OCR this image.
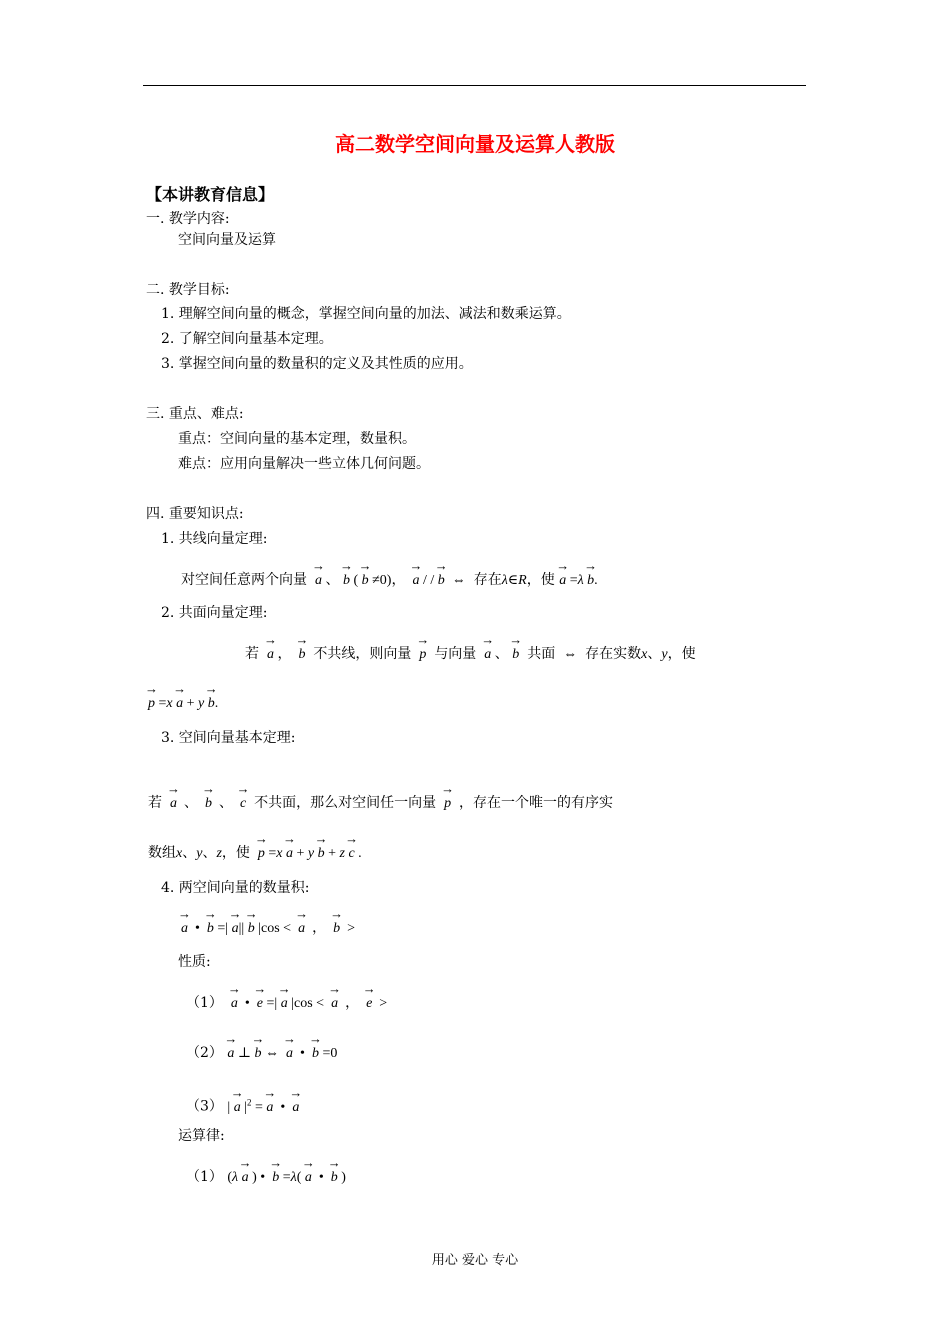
高二数学空间向量及运算人教版
【本讲教育信息】
一. 教学内容:
空间向量及运算
二. 教学目标:
1. 理解空间向量的概念，掌握空间向量的加法、减法和数乘运算。
2. 了解空间向量基本定理。
3. 掌握空间向量的数量积的定义及其性质的应用。
三. 重点、难点:
重点：空间向量的基本定理，数量积。
难点：应用向量解决一些立体几何问题。
四. 重要知识点:
1. 共线向量定理:
对空间任意两个向量 → a 、 → b ( → b ≠0)，  → a / / → b  ⇔  存在λ∈R，使 → a =λ → b.
2. 共面向量定理:
若 → a ，  → b 不共线，则向量 → p 与向量 → a 、 → b 共面  ⇔  存在实数x、y，使
→ p =x → a + y → b.
3. 空间向量基本定理:
若 → a  、  → b  、  → c 不共面，那么对空间任一向量 → p ，存在一个唯一的有序实
数组x、y、z，使 → p =x → a + y → b + z → c .
4. 两空间向量的数量积:
→ a  •  → b =| → a|| → b |cos <  → a  ，  → b  >
性质:
（1） → a  •  → e =| → a |cos <  → a  ，  → e  >
（2） → a ⊥ → b ⇔  → a  •  → b =0
（3） | → a $|^2$ = → a  •  → a
运算律:
（1） (λ → a ) •  → b =λ( → a  •  → b )
用心 爱心 专心
